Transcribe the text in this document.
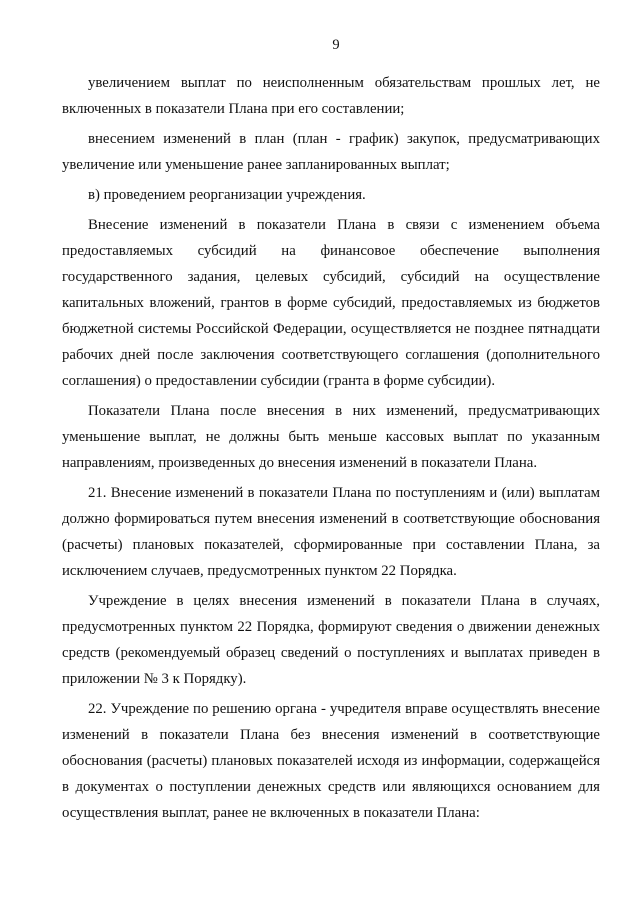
9

увеличением выплат по неисполненным обязательствам прошлых лет, не включенных в показатели Плана при его составлении;

внесением изменений в план (план - график) закупок, предусматривающих увеличение или уменьшение ранее запланированных выплат;

в) проведением реорганизации учреждения.

Внесение изменений в показатели Плана в связи с изменением объема предоставляемых субсидий на финансовое обеспечение выполнения государственного задания, целевых субсидий, субсидий на осуществление капитальных вложений, грантов в форме субсидий, предоставляемых из бюджетов бюджетной системы Российской Федерации, осуществляется не позднее пятнадцати рабочих дней после заключения соответствующего соглашения (дополнительного соглашения) о предоставлении субсидии (гранта в форме субсидии).

Показатели Плана после внесения в них изменений, предусматривающих уменьшение выплат, не должны быть меньше кассовых выплат по указанным направлениям, произведенных до внесения изменений в показатели Плана.

21. Внесение изменений в показатели Плана по поступлениям и (или) выплатам должно формироваться путем внесения изменений в соответствующие обоснования (расчеты) плановых показателей, сформированные при составлении Плана, за исключением случаев, предусмотренных пунктом 22 Порядка.

Учреждение в целях внесения изменений в показатели Плана в случаях, предусмотренных пунктом 22 Порядка, формируют сведения о движении денежных средств (рекомендуемый образец сведений о поступлениях и выплатах приведен в приложении № 3 к Порядку).

22. Учреждение по решению органа - учредителя вправе осуществлять внесение изменений в показатели Плана без внесения изменений в соответствующие обоснования (расчеты) плановых показателей исходя из информации, содержащейся в документах о поступлении денежных средств или являющихся основанием для осуществления выплат, ранее не включенных в показатели Плана:
